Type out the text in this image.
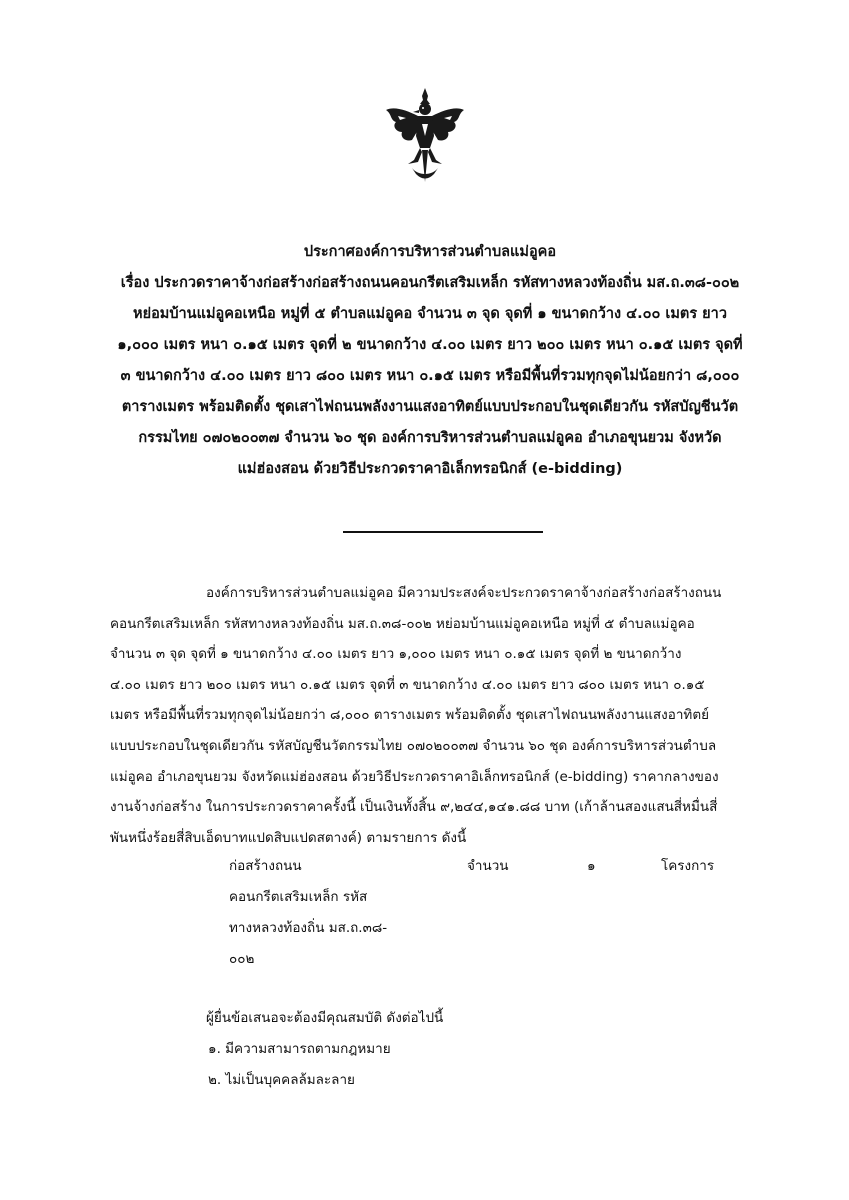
ประกาศองค์การบริหารส่วนตำบลแม่อูคอ
เรื่อง ประกวดราคาจ้างก่อสร้างก่อสร้างถนนคอนกรีตเสริมเหล็ก รหัสทางหลวงท้องถิ่น มส.ถ.๓๘-๐๐๒
หย่อมบ้านแม่อูคอเหนือ หมู่ที่ ๕ ตำบลแม่อูคอ จำนวน ๓ จุด จุดที่ ๑ ขนาดกว้าง ๔.๐๐ เมตร ยาว
๑,๐๐๐ เมตร หนา ๐.๑๕ เมตร จุดที่ ๒ ขนาดกว้าง ๔.๐๐ เมตร ยาว ๒๐๐ เมตร หนา ๐.๑๕ เมตร จุดที่
๓ ขนาดกว้าง ๔.๐๐ เมตร ยาว ๘๐๐ เมตร หนา ๐.๑๕ เมตร หรือมีพื้นที่รวมทุกจุดไม่น้อยกว่า ๘,๐๐๐
ตารางเมตร พร้อมติดตั้ง ชุดเสาไฟถนนพลังงานแสงอาทิตย์แบบประกอบในชุดเดียวกัน รหัสบัญชีนวัต
กรรมไทย ๐๗๐๒๐๐๓๗ จำนวน ๖๐ ชุด องค์การบริหารส่วนตำบลแม่อูคอ อำเภอขุนยวม จังหวัด
แม่ฮ่องสอน ด้วยวิธีประกวดราคาอิเล็กทรอนิกส์ (e-bidding)
องค์การบริหารส่วนตำบลแม่อูคอ มีความประสงค์จะประกวดราคาจ้างก่อสร้างก่อสร้างถนน
คอนกรีตเสริมเหล็ก รหัสทางหลวงท้องถิ่น มส.ถ.๓๘-๐๐๒ หย่อมบ้านแม่อูคอเหนือ หมู่ที่ ๕ ตำบลแม่อูคอ
จำนวน ๓ จุด จุดที่ ๑ ขนาดกว้าง ๔.๐๐ เมตร ยาว ๑,๐๐๐ เมตร หนา ๐.๑๕ เมตร จุดที่ ๒ ขนาดกว้าง
๔.๐๐ เมตร ยาว ๒๐๐ เมตร หนา ๐.๑๕ เมตร จุดที่ ๓ ขนาดกว้าง ๔.๐๐ เมตร ยาว ๘๐๐ เมตร หนา ๐.๑๕
เมตร หรือมีพื้นที่รวมทุกจุดไม่น้อยกว่า ๘,๐๐๐ ตารางเมตร พร้อมติดตั้ง ชุดเสาไฟถนนพลังงานแสงอาทิตย์
แบบประกอบในชุดเดียวกัน รหัสบัญชีนวัตกรรมไทย ๐๗๐๒๐๐๓๗ จำนวน ๖๐ ชุด องค์การบริหารส่วนตำบล
แม่อูคอ อำเภอขุนยวม จังหวัดแม่ฮ่องสอน ด้วยวิธีประกวดราคาอิเล็กทรอนิกส์ (e-bidding) ราคากลางของ
งานจ้างก่อสร้าง ในการประกวดราคาครั้งนี้ เป็นเงินทั้งสิ้น ๙,๒๔๔,๑๔๑.๘๘ บาท (เก้าล้านสองแสนสี่หมื่นสี่
พันหนึ่งร้อยสี่สิบเอ็ดบาทแปดสิบแปดสตางค์) ตามรายการ ดังนี้
ก่อสร้างถนน	จำนวน	๑	โครงการ
คอนกรีตเสริมเหล็ก รหัส
ทางหลวงท้องถิ่น มส.ถ.๓๘-
๐๐๒
ผู้ยื่นข้อเสนอจะต้องมีคุณสมบัติ ดังต่อไปนี้
๑. มีความสามารถตามกฎหมาย
๒. ไม่เป็นบุคคลล้มละลาย
